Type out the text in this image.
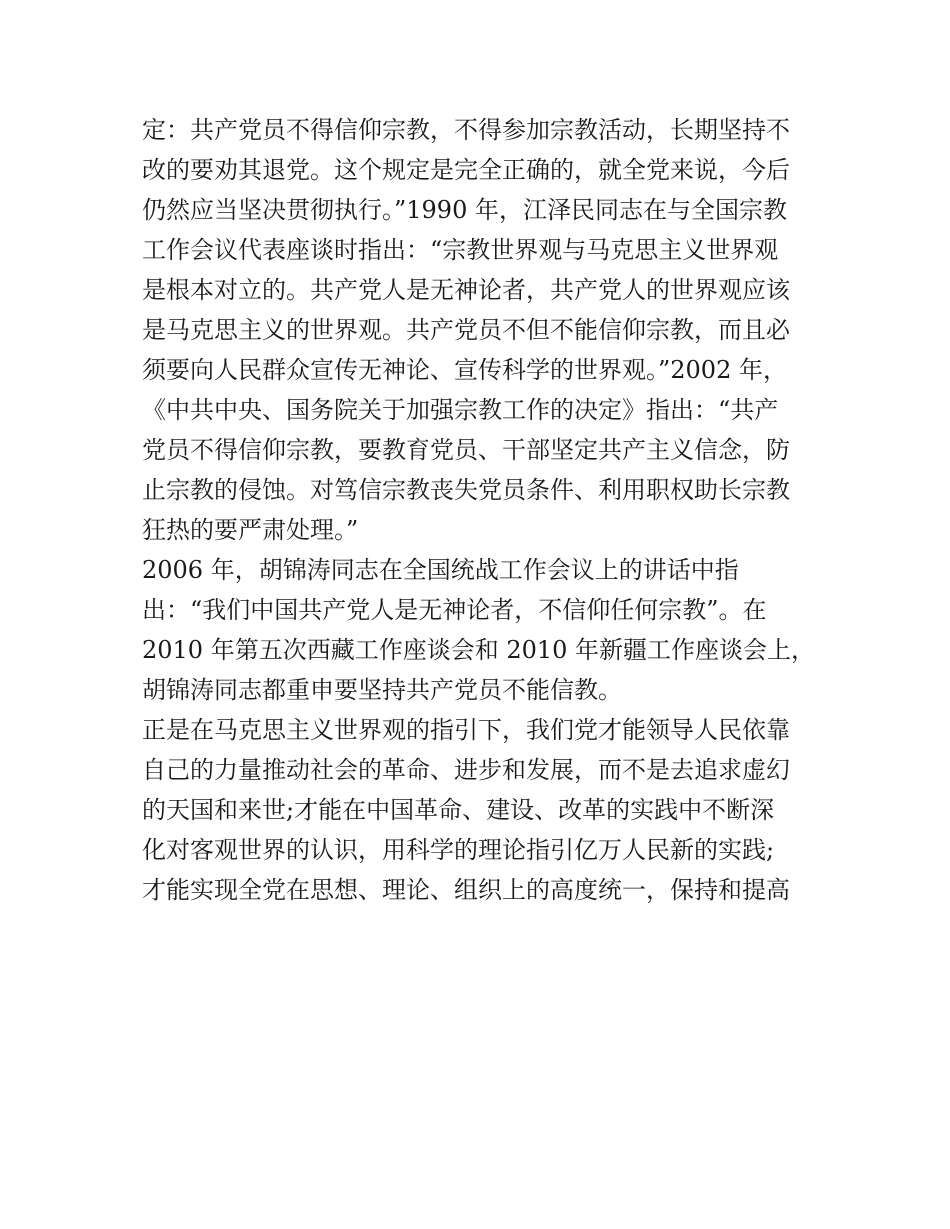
定：共产党员不得信仰宗教，不得参加宗教活动，长期坚持不
改的要劝其退党。这个规定是完全正确的，就全党来说，今后
仍然应当坚决贯彻执行。”1990 年，江泽民同志在与全国宗教
工作会议代表座谈时指出：“宗教世界观与马克思主义世界观
是根本对立的。共产党人是无神论者，共产党人的世界观应该
是马克思主义的世界观。共产党员不但不能信仰宗教，而且必
须要向人民群众宣传无神论、宣传科学的世界观。”2002 年，
《中共中央、国务院关于加强宗教工作的决定》指出：“共产
党员不得信仰宗教，要教育党员、干部坚定共产主义信念，防
止宗教的侵蚀。对笃信宗教丧失党员条件、利用职权助长宗教
狂热的要严肃处理。”
2006 年，胡锦涛同志在全国统战工作会议上的讲话中指
出：“我们中国共产党人是无神论者，不信仰任何宗教”。在
2010 年第五次西藏工作座谈会和 2010 年新疆工作座谈会上，
胡锦涛同志都重申要坚持共产党员不能信教。
正是在马克思主义世界观的指引下，我们党才能领导人民依靠
自己的力量推动社会的革命、进步和发展，而不是去追求虚幻
的天国和来世;才能在中国革命、建设、改革的实践中不断深
化对客观世界的认识，用科学的理论指引亿万人民新的实践;
才能实现全党在思想、理论、组织上的高度统一，保持和提高
